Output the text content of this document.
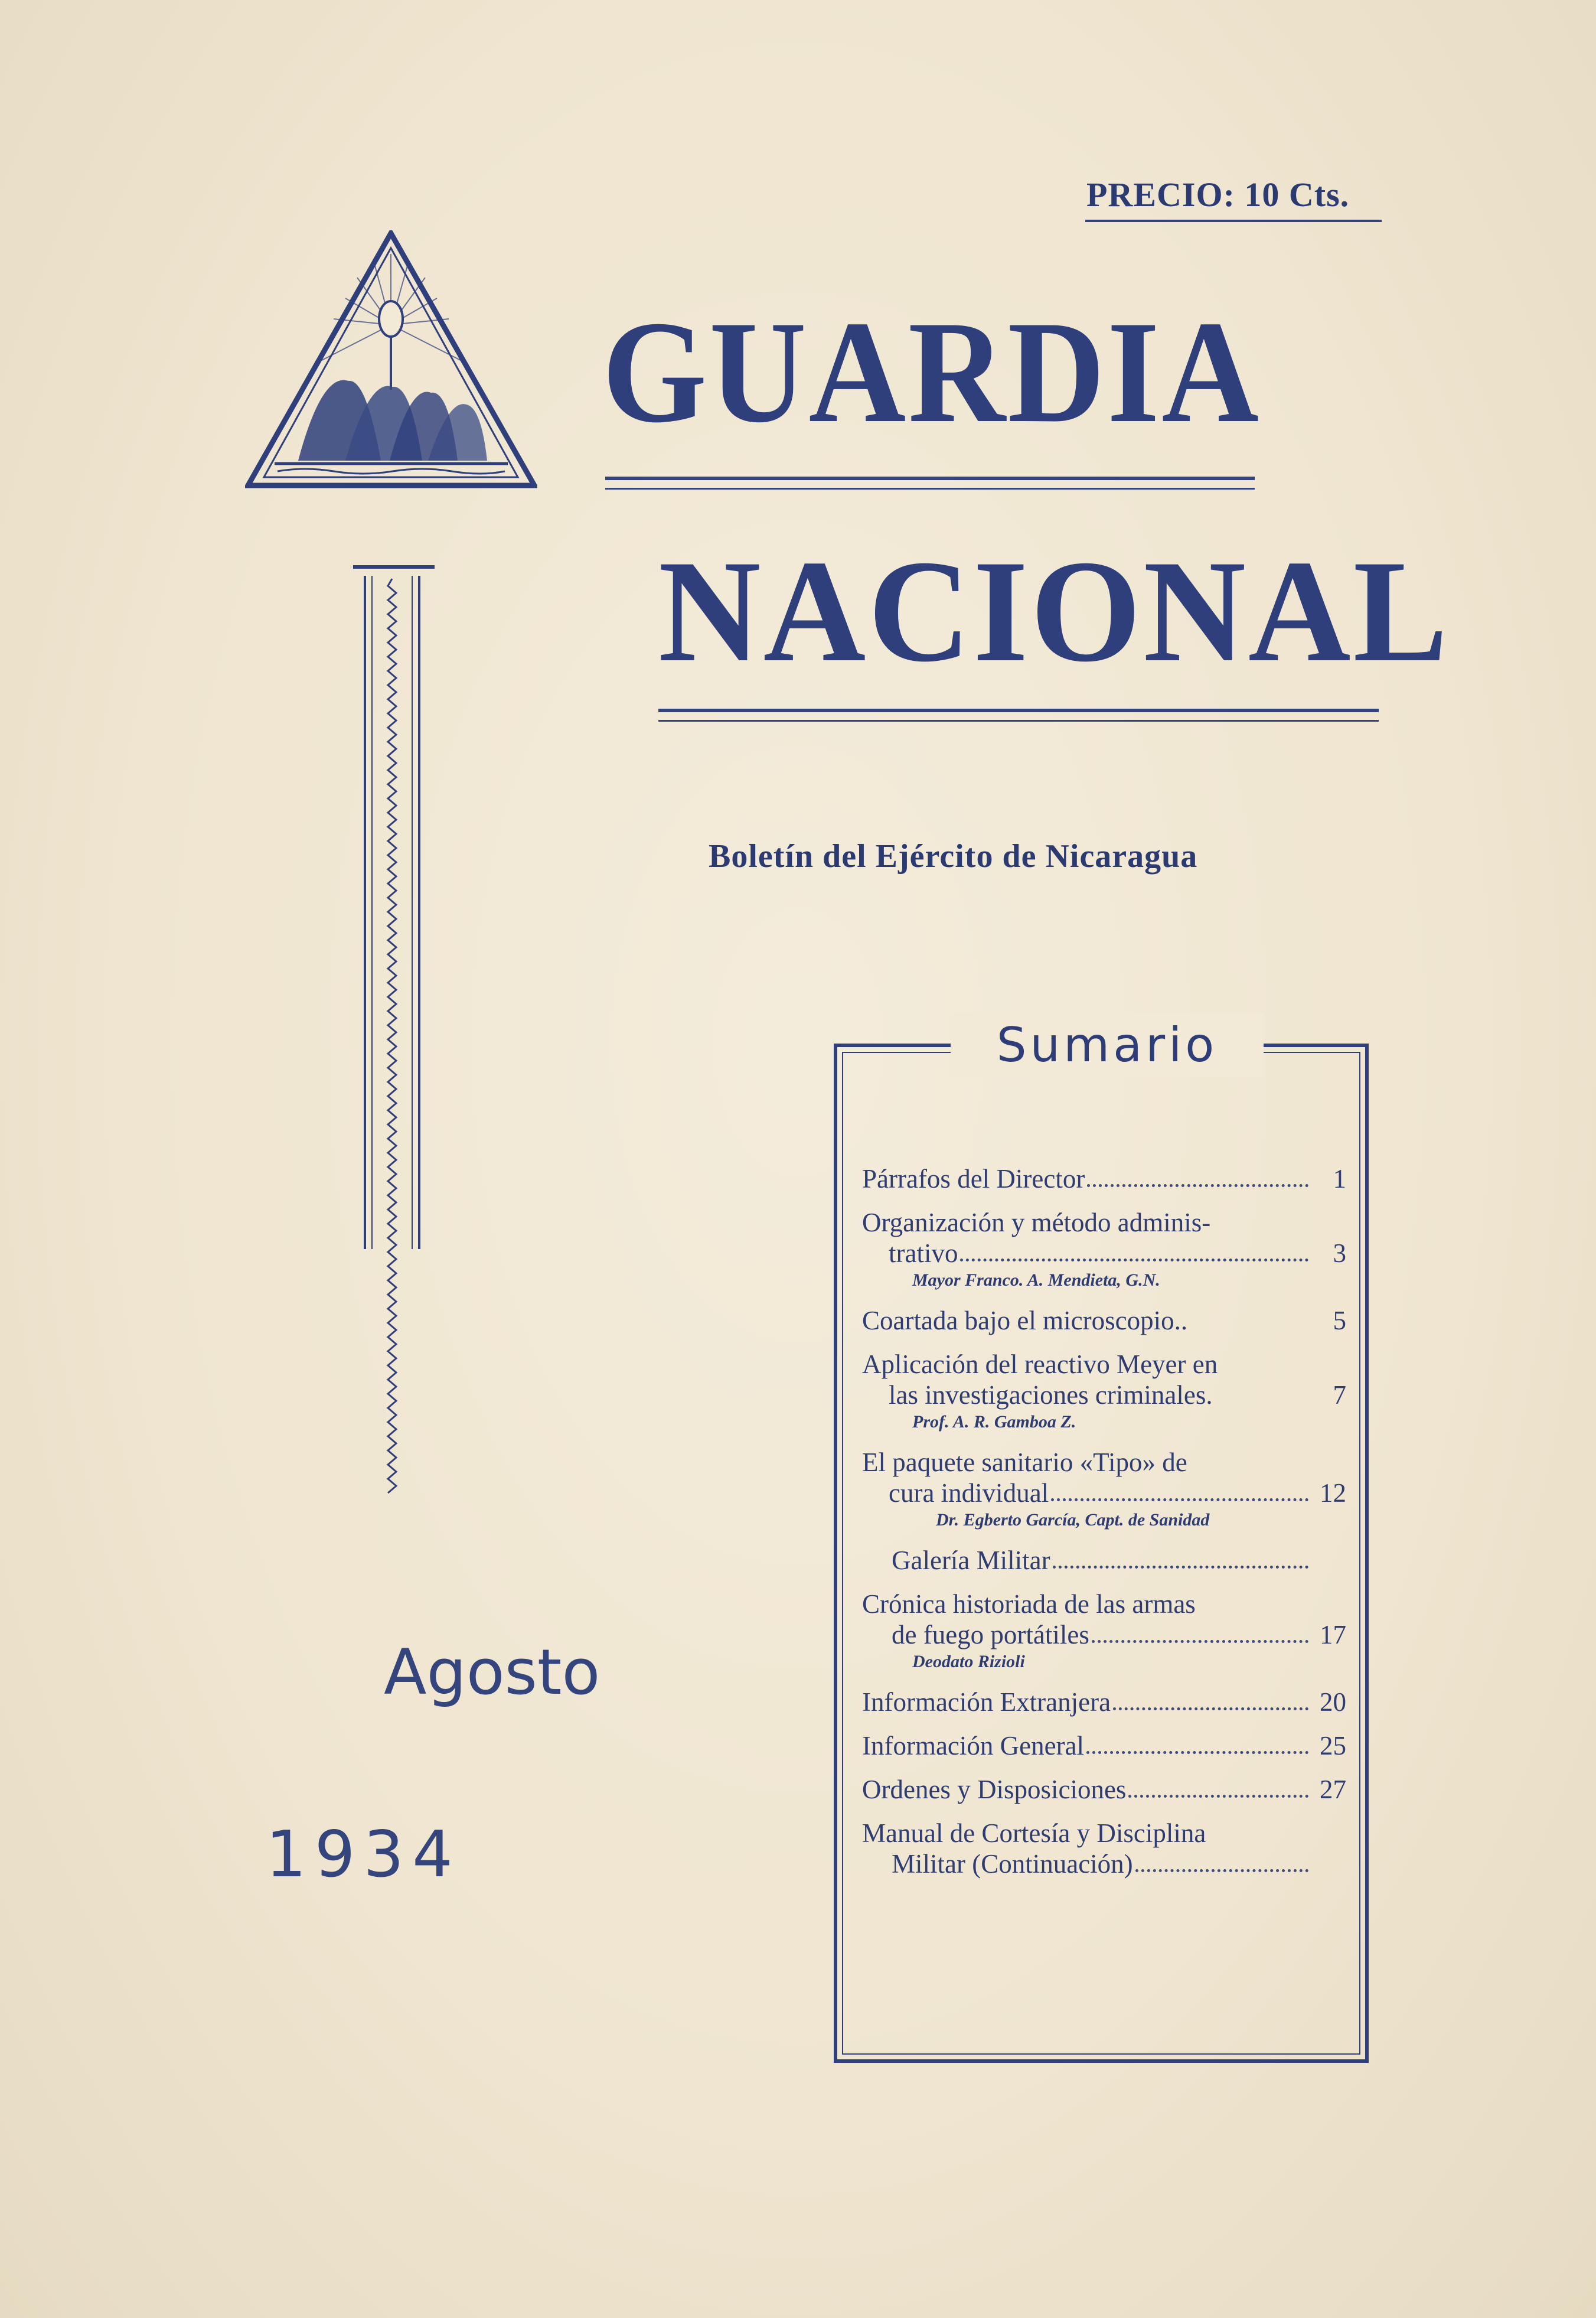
PRECIO: 10 Cts.
GUARDIA
NACIONAL
Boletín del Ejército de Nicaragua
Agosto
1934
Sumario
Párrafos del Director	1
Organización y método adminis-
trativo	3
Mayor Franco. A. Mendieta, G.N.
Coartada bajo el microscopio..	5
Aplicación del reactivo Meyer en
las investigaciones criminales.	7
Prof. A. R. Gamboa Z.
El paquete sanitario «Tipo» de
cura individual	12
Dr. Egberto García, Capt. de Sanidad
Galería Militar
Crónica historiada de las armas
de fuego portátiles	17
Deodato Rizioli
Información Extranjera	20
Información General	25
Ordenes y Disposiciones	27
Manual de Cortesía y Disciplina
Militar (Continuación)
